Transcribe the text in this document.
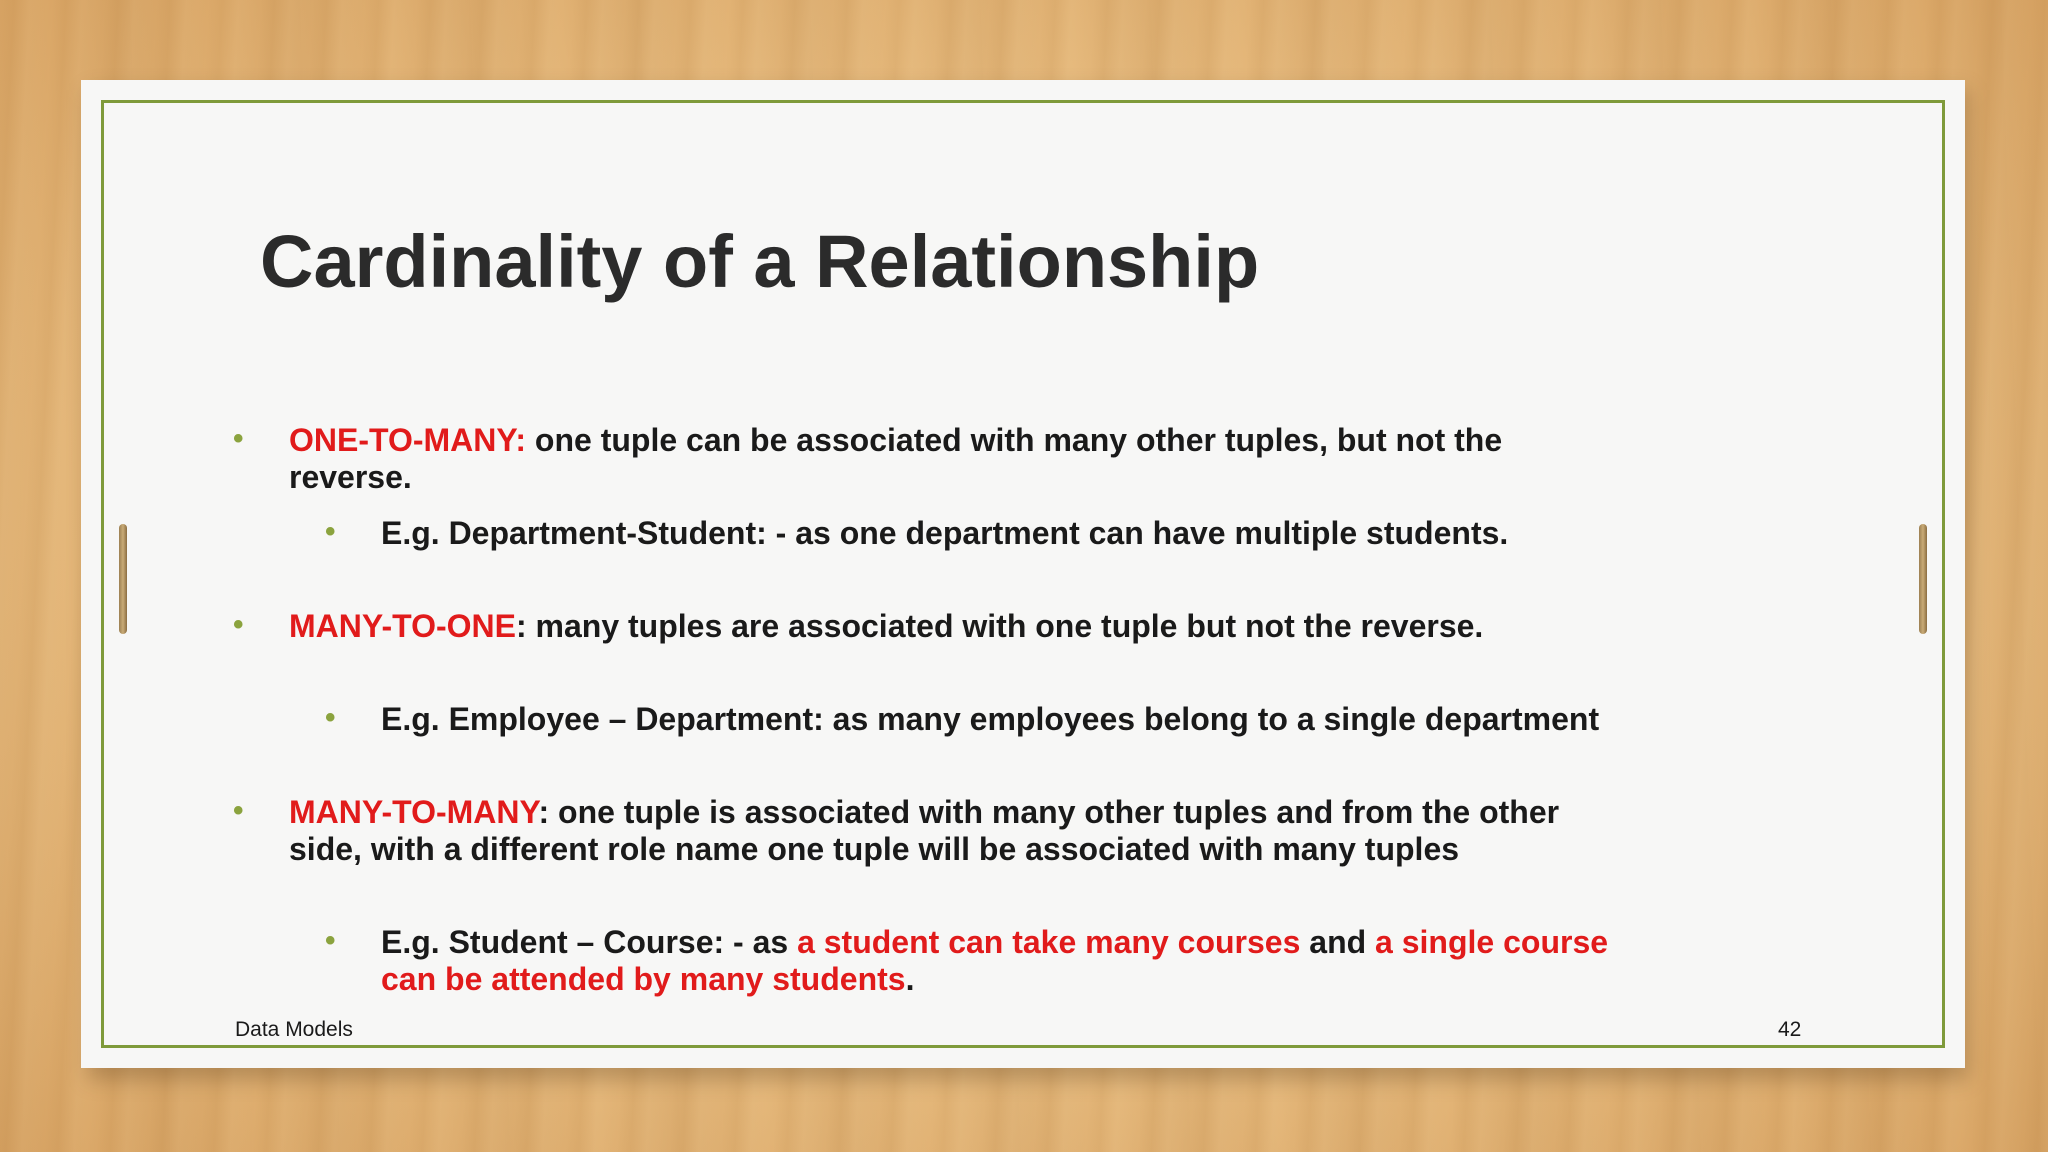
Cardinality of a Relationship
• ONE-TO-MANY: one tuple can be associated with many other tuples, but not the reverse.
• E.g. Department-Student: - as one department can have multiple students.
• MANY-TO-ONE: many tuples are associated with one tuple but not the reverse.
• E.g. Employee – Department: as many employees belong to a single department
• MANY-TO-MANY: one tuple is associated with many other tuples and from the other side, with a different role name one tuple will be associated with many tuples
• E.g. Student – Course: - as a student can take many courses and a single course can be attended by many students.
Data Models	42
